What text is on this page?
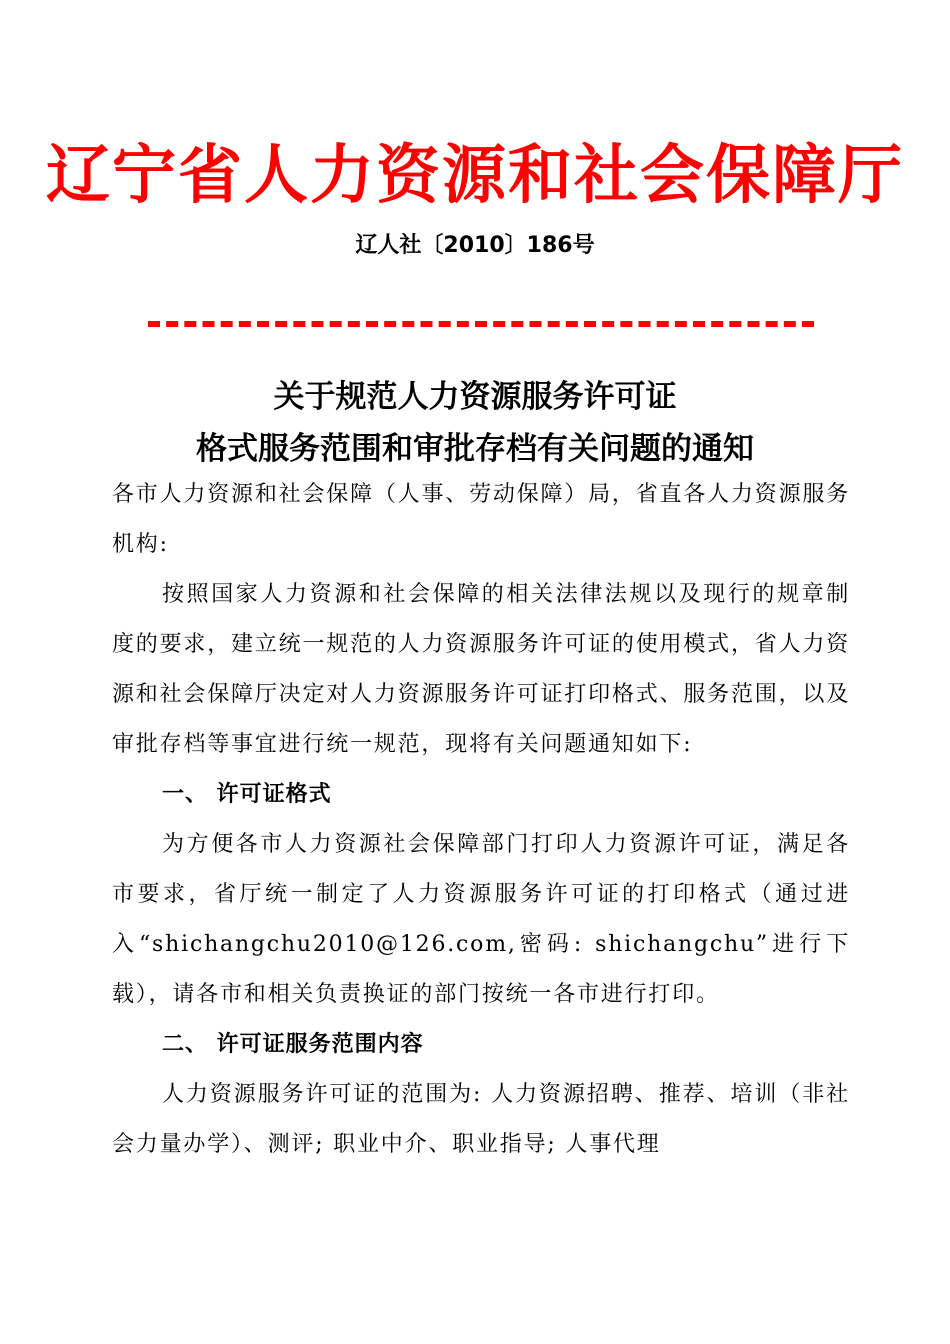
辽宁省人力资源和社会保障厅
辽人社〔2010〕186号
关于规范人力资源服务许可证
格式服务范围和审批存档有关问题的通知

各市人力资源和社会保障（人事、劳动保障）局，省直各人力资源服务机构:

按照国家人力资源和社会保障的相关法律法规以及现行的规章制度的要求，建立统一规范的人力资源服务许可证的使用模式，省人力资源和社会保障厅决定对人力资源服务许可证打印格式、服务范围，以及审批存档等事宜进行统一规范，现将有关问题通知如下:

一、 许可证格式

为方便各市人力资源社会保障部门打印人力资源许可证，满足各市要求，省厅统一制定了人力资源服务许可证的打印格式（通过进入“shichangchu2010@126.com,密码: shichangchu”进行下载），请各市和相关负责换证的部门按统一各市进行打印。

二、 许可证服务范围内容

人力资源服务许可证的范围为: 人力资源招聘、推荐、培训（非社会力量办学）、测评; 职业中介、职业指导; 人事代理
